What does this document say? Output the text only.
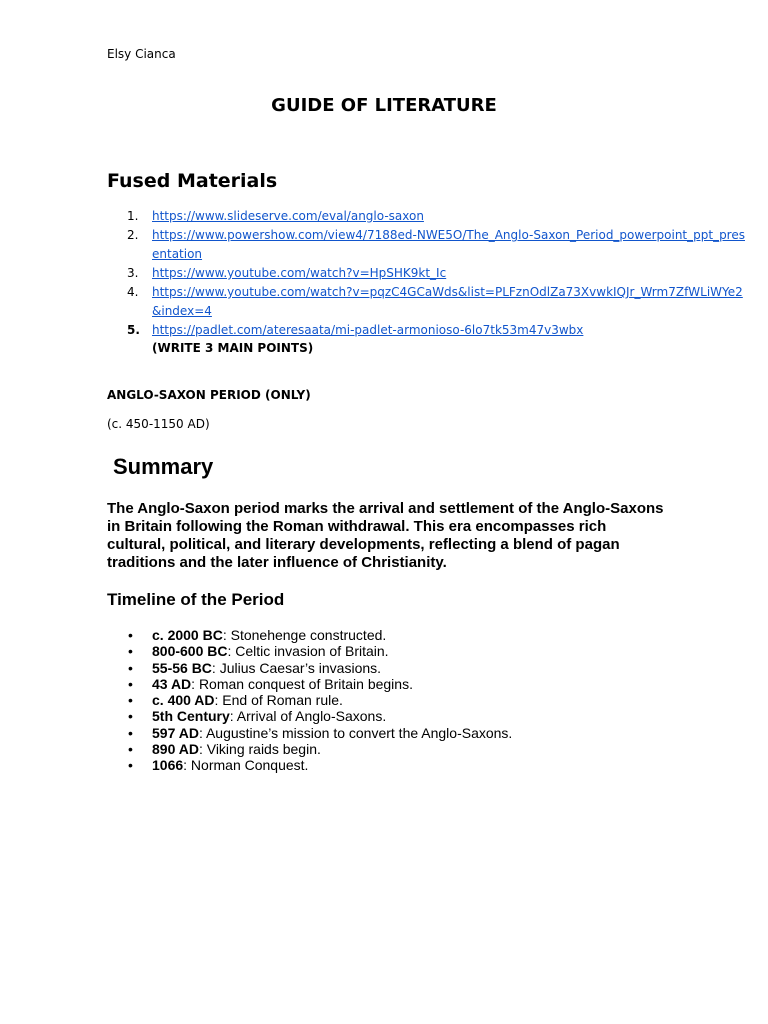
Elsy Cianca
GUIDE OF LITERATURE
Fused Materials
1. https://www.slideserve.com/eval/anglo-saxon
2. https://www.powershow.com/view4/7188ed-NWE5O/The_Anglo-Saxon_Period_powerpoint_ppt_presentation
3. https://www.youtube.com/watch?v=HpSHK9kt_Ic
4. https://www.youtube.com/watch?v=pqzC4GCaWds&list=PLFznOdlZa73XvwkIQJr_Wrm7ZfWLiWYe2&index=4
5. https://padlet.com/ateresaata/mi-padlet-armonioso-6lo7tk53m47v3wbx
(WRITE 3 MAIN POINTS)
ANGLO-SAXON PERIOD (ONLY)
(c. 450-1150 AD)
Summary
The Anglo-Saxon period marks the arrival and settlement of the Anglo-Saxons in Britain following the Roman withdrawal. This era encompasses rich cultural, political, and literary developments, reflecting a blend of pagan traditions and the later influence of Christianity.
Timeline of the Period
• c. 2000 BC: Stonehenge constructed.
• 800-600 BC: Celtic invasion of Britain.
• 55-56 BC: Julius Caesar’s invasions.
• 43 AD: Roman conquest of Britain begins.
• c. 400 AD: End of Roman rule.
• 5th Century: Arrival of Anglo-Saxons.
• 597 AD: Augustine’s mission to convert the Anglo-Saxons.
• 890 AD: Viking raids begin.
• 1066: Norman Conquest.
